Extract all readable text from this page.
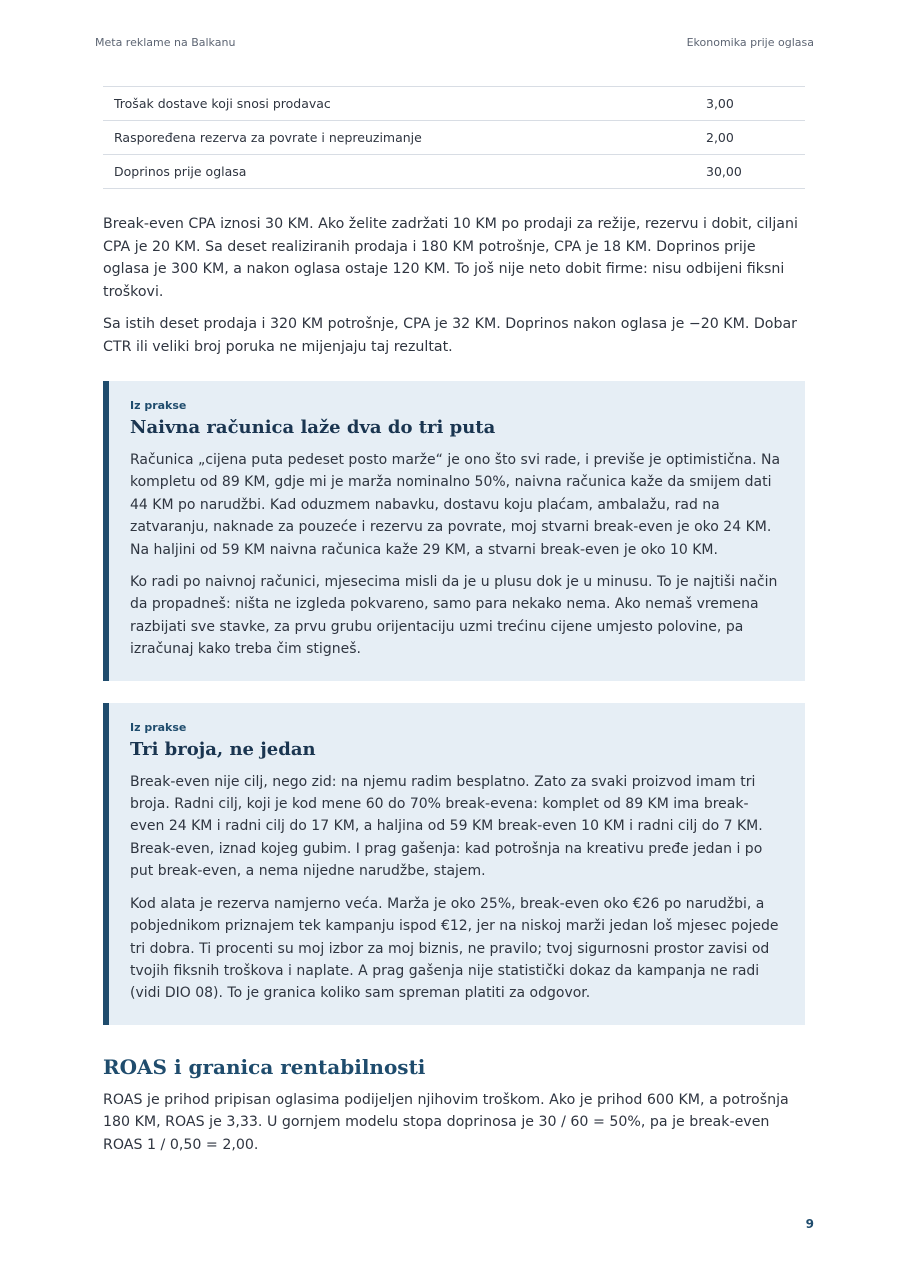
Meta reklame na Balkanu	Ekonomika prije oglasa
Trošak dostave koji snosi prodavac	3,00
Raspoređena rezerva za povrate i nepreuzimanje	2,00
Doprinos prije oglasa	30,00

Break-even CPA iznosi 30 KM. Ako želite zadržati 10 KM po prodaji za režije, rezervu i dobit, ciljani CPA je 20 KM. Sa deset realiziranih prodaja i 180 KM potrošnje, CPA je 18 KM. Doprinos prije oglasa je 300 KM, a nakon oglasa ostaje 120 KM. To još nije neto dobit firme: nisu odbijeni fiksni troškovi.

Sa istih deset prodaja i 320 KM potrošnje, CPA je 32 KM. Doprinos nakon oglasa je −20 KM. Dobar CTR ili veliki broj poruka ne mijenjaju taj rezultat.

Iz prakse
Naivna računica laže dva do tri puta

Računica „cijena puta pedeset posto marže“ je ono što svi rade, i previše je optimistična. Na kompletu od 89 KM, gdje mi je marža nominalno 50%, naivna računica kaže da smijem dati 44 KM po narudžbi. Kad oduzmem nabavku, dostavu koju plaćam, ambalažu, rad na zatvaranju, naknade za pouzeće i rezervu za povrate, moj stvarni break-even je oko 24 KM. Na haljini od 59 KM naivna računica kaže 29 KM, a stvarni break-even je oko 10 KM.

Ko radi po naivnoj računici, mjesecima misli da je u plusu dok je u minusu. To je najtiši način da propadneš: ništa ne izgleda pokvareno, samo para nekako nema. Ako nemaš vremena razbijati sve stavke, za prvu grubu orijentaciju uzmi trećinu cijene umjesto polovine, pa izračunaj kako treba čim stigneš.

Iz prakse
Tri broja, ne jedan

Break-even nije cilj, nego zid: na njemu radim besplatno. Zato za svaki proizvod imam tri broja. Radni cilj, koji je kod mene 60 do 70% break-evena: komplet od 89 KM ima break-even 24 KM i radni cilj do 17 KM, a haljina od 59 KM break-even 10 KM i radni cilj do 7 KM. Break-even, iznad kojeg gubim. I prag gašenja: kad potrošnja na kreativu pređe jedan i po put break-even, a nema nijedne narudžbe, stajem.

Kod alata je rezerva namjerno veća. Marža je oko 25%, break-even oko €26 po narudžbi, a pobjednikom priznajem tek kampanju ispod €12, jer na niskoj marži jedan loš mjesec pojede tri dobra. Ti procenti su moj izbor za moj biznis, ne pravilo; tvoj sigurnosni prostor zavisi od tvojih fiksnih troškova i naplate. A prag gašenja nije statistički dokaz da kampanja ne radi (vidi DIO 08). To je granica koliko sam spreman platiti za odgovor.

ROAS i granica rentabilnosti

ROAS je prihod pripisan oglasima podijeljen njihovim troškom. Ako je prihod 600 KM, a potrošnja 180 KM, ROAS je 3,33. U gornjem modelu stopa doprinosa je 30 / 60 = 50%, pa je break-even ROAS 1 / 0,50 = 2,00.

9
